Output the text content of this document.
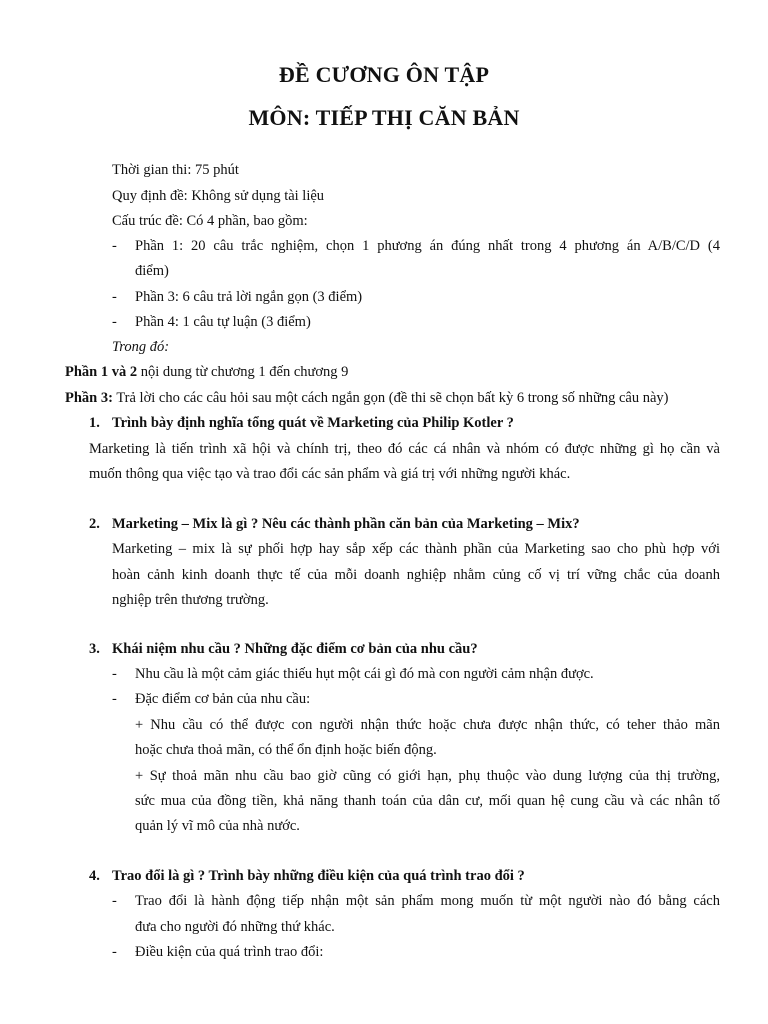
ĐỀ CƯƠNG ÔN TẬP
MÔN: TIẾP THỊ CĂN BẢN
Thời gian thi: 75 phút
Quy định đề: Không sử dụng tài liệu
Cấu trúc đề: Có 4 phần, bao gồm:
- Phần 1: 20 câu trắc nghiệm, chọn 1 phương án đúng nhất trong 4 phương án A/B/C/D (4
điểm)
- Phần 3: 6 câu trả lời ngắn gọn (3 điểm)
- Phần 4: 1 câu tự luận (3 điểm)
Trong đó:
Phần 1 và 2 nội dung từ chương 1 đến chương 9
Phần 3: Trả lời cho các câu hỏi sau một cách ngắn gọn (đề thi sẽ chọn bất kỳ 6 trong số những câu này)
1. Trình bày định nghĩa tổng quát về Marketing của Philip Kotler ?
Marketing là tiến trình xã hội và chính trị, theo đó các cá nhân và nhóm có được những gì họ cần và
muốn thông qua việc tạo và trao đổi các sản phẩm và giá trị với những người khác.
2. Marketing – Mix là gì ? Nêu các thành phần căn bản của Marketing – Mix?
Marketing – mix là sự phối hợp hay sắp xếp các thành phần của Marketing sao cho phù hợp với
hoàn cảnh kinh doanh thực tế của mỗi doanh nghiệp nhằm củng cố vị trí vững chắc của doanh
nghiệp trên thương trường.
3. Khái niệm nhu cầu ? Những đặc điểm cơ bản của nhu cầu?
- Nhu cầu là một cảm giác thiếu hụt một cái gì đó mà con người cảm nhận được.
- Đặc điểm cơ bản của nhu cầu:
+ Nhu cầu có thể được con người nhận thức hoặc chưa được nhận thức, có teher thảo mãn
hoặc chưa thoả mãn, có thể ổn định hoặc biến động.
+ Sự thoả mãn nhu cầu bao giờ cũng có giới hạn, phụ thuộc vào dung lượng của thị trường,
sức mua của đồng tiền, khả năng thanh toán của dân cư, mối quan hệ cung cầu và các nhân tố
quản lý vĩ mô của nhà nước.
4. Trao đổi là gì ? Trình bày những điều kiện của quá trình trao đổi ?
- Trao đổi là hành động tiếp nhận một sản phẩm mong muốn từ một người nào đó bằng cách
đưa cho người đó những thứ khác.
- Điều kiện của quá trình trao đổi:
